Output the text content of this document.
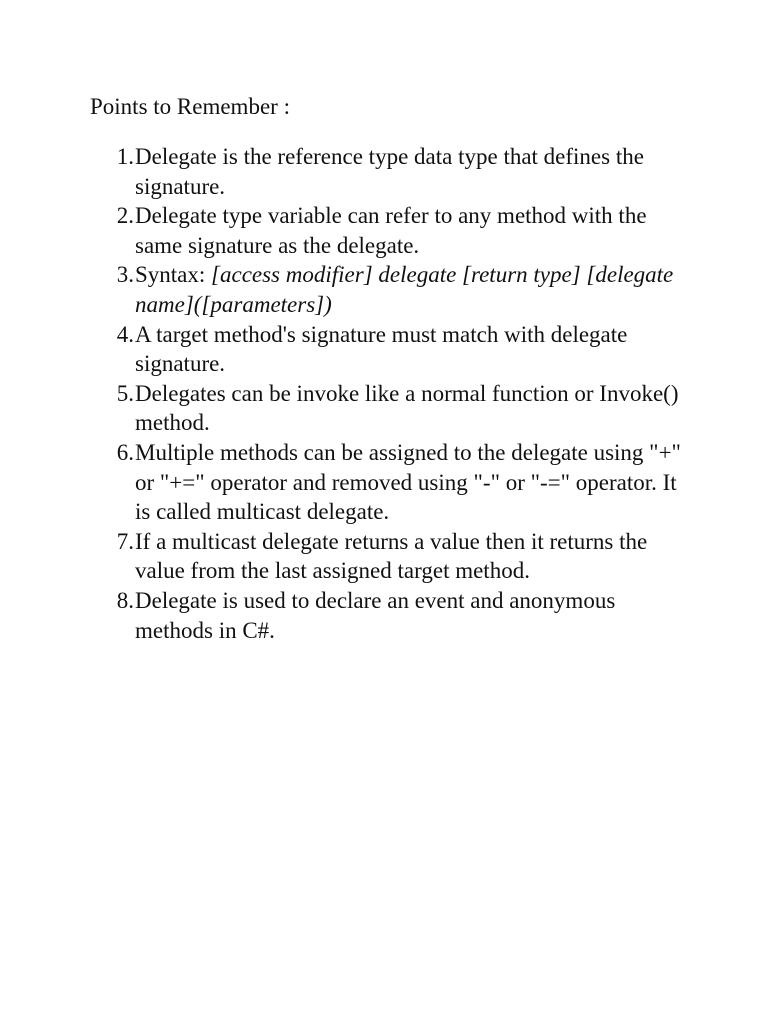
Points to Remember :
1. Delegate is the reference type data type that defines the signature.
2. Delegate type variable can refer to any method with the same signature as the delegate.
3. Syntax: [access modifier] delegate [return type] [delegate name]([parameters])
4. A target method's signature must match with delegate signature.
5. Delegates can be invoke like a normal function or Invoke() method.
6. Multiple methods can be assigned to the delegate using "+" or "+=" operator and removed using "-" or "-=" operator. It is called multicast delegate.
7. If a multicast delegate returns a value then it returns the value from the last assigned target method.
8. Delegate is used to declare an event and anonymous methods in C#.
